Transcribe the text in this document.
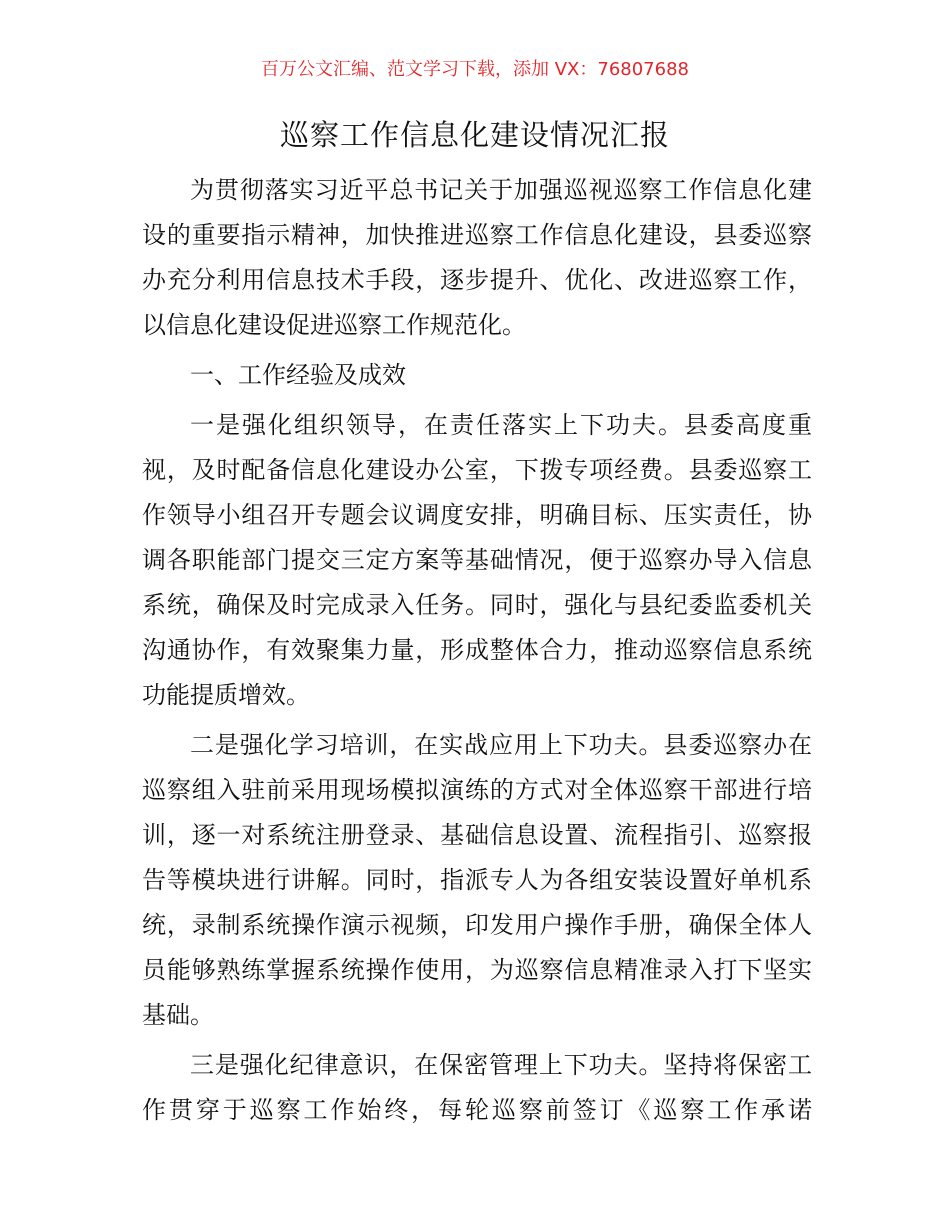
百万公文汇编、范文学习下载，添加 VX：76807688
巡察工作信息化建设情况汇报
为贯彻落实习近平总书记关于加强巡视巡察工作信息化建
设的重要指示精神，加快推进巡察工作信息化建设，县委巡察
办充分利用信息技术手段，逐步提升、优化、改进巡察工作，
以信息化建设促进巡察工作规范化。
一、工作经验及成效
一是强化组织领导，在责任落实上下功夫。县委高度重
视，及时配备信息化建设办公室，下拨专项经费。县委巡察工
作领导小组召开专题会议调度安排，明确目标、压实责任，协
调各职能部门提交三定方案等基础情况，便于巡察办导入信息
系统，确保及时完成录入任务。同时，强化与县纪委监委机关
沟通协作，有效聚集力量，形成整体合力，推动巡察信息系统
功能提质增效。
二是强化学习培训，在实战应用上下功夫。县委巡察办在
巡察组入驻前采用现场模拟演练的方式对全体巡察干部进行培
训，逐一对系统注册登录、基础信息设置、流程指引、巡察报
告等模块进行讲解。同时，指派专人为各组安装设置好单机系
统，录制系统操作演示视频，印发用户操作手册，确保全体人
员能够熟练掌握系统操作使用，为巡察信息精准录入打下坚实
基础。
三是强化纪律意识，在保密管理上下功夫。坚持将保密工
作贯穿于巡察工作始终，每轮巡察前签订《巡察工作承诺
